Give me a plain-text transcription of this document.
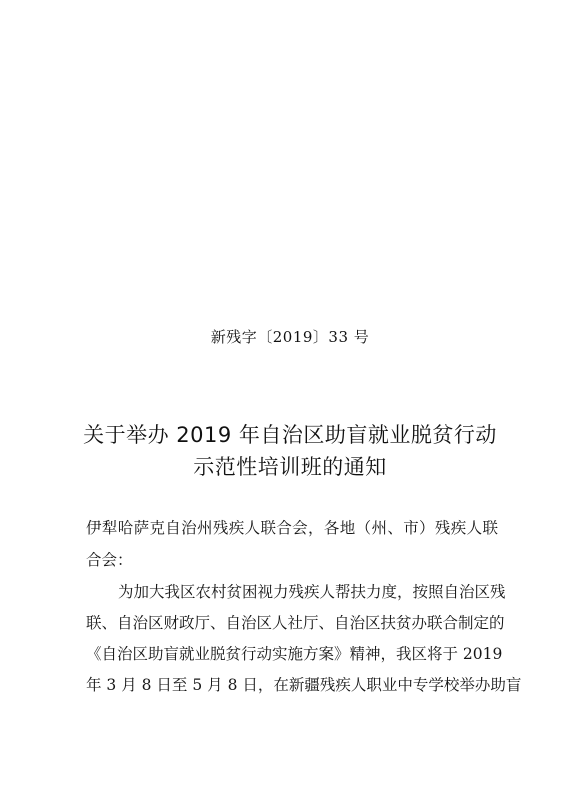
新残字〔2019〕33 号
关于举办 2019 年自治区助盲就业脱贫行动
示范性培训班的通知
伊犁哈萨克自治州残疾人联合会，各地（州、市）残疾人联
合会：
为加大我区农村贫困视力残疾人帮扶力度，按照自治区残
联、自治区财政厅、自治区人社厅、自治区扶贫办联合制定的
《自治区助盲就业脱贫行动实施方案》精神，我区将于 2019
年 3 月 8 日至 5 月 8 日，在新疆残疾人职业中专学校举办助盲
